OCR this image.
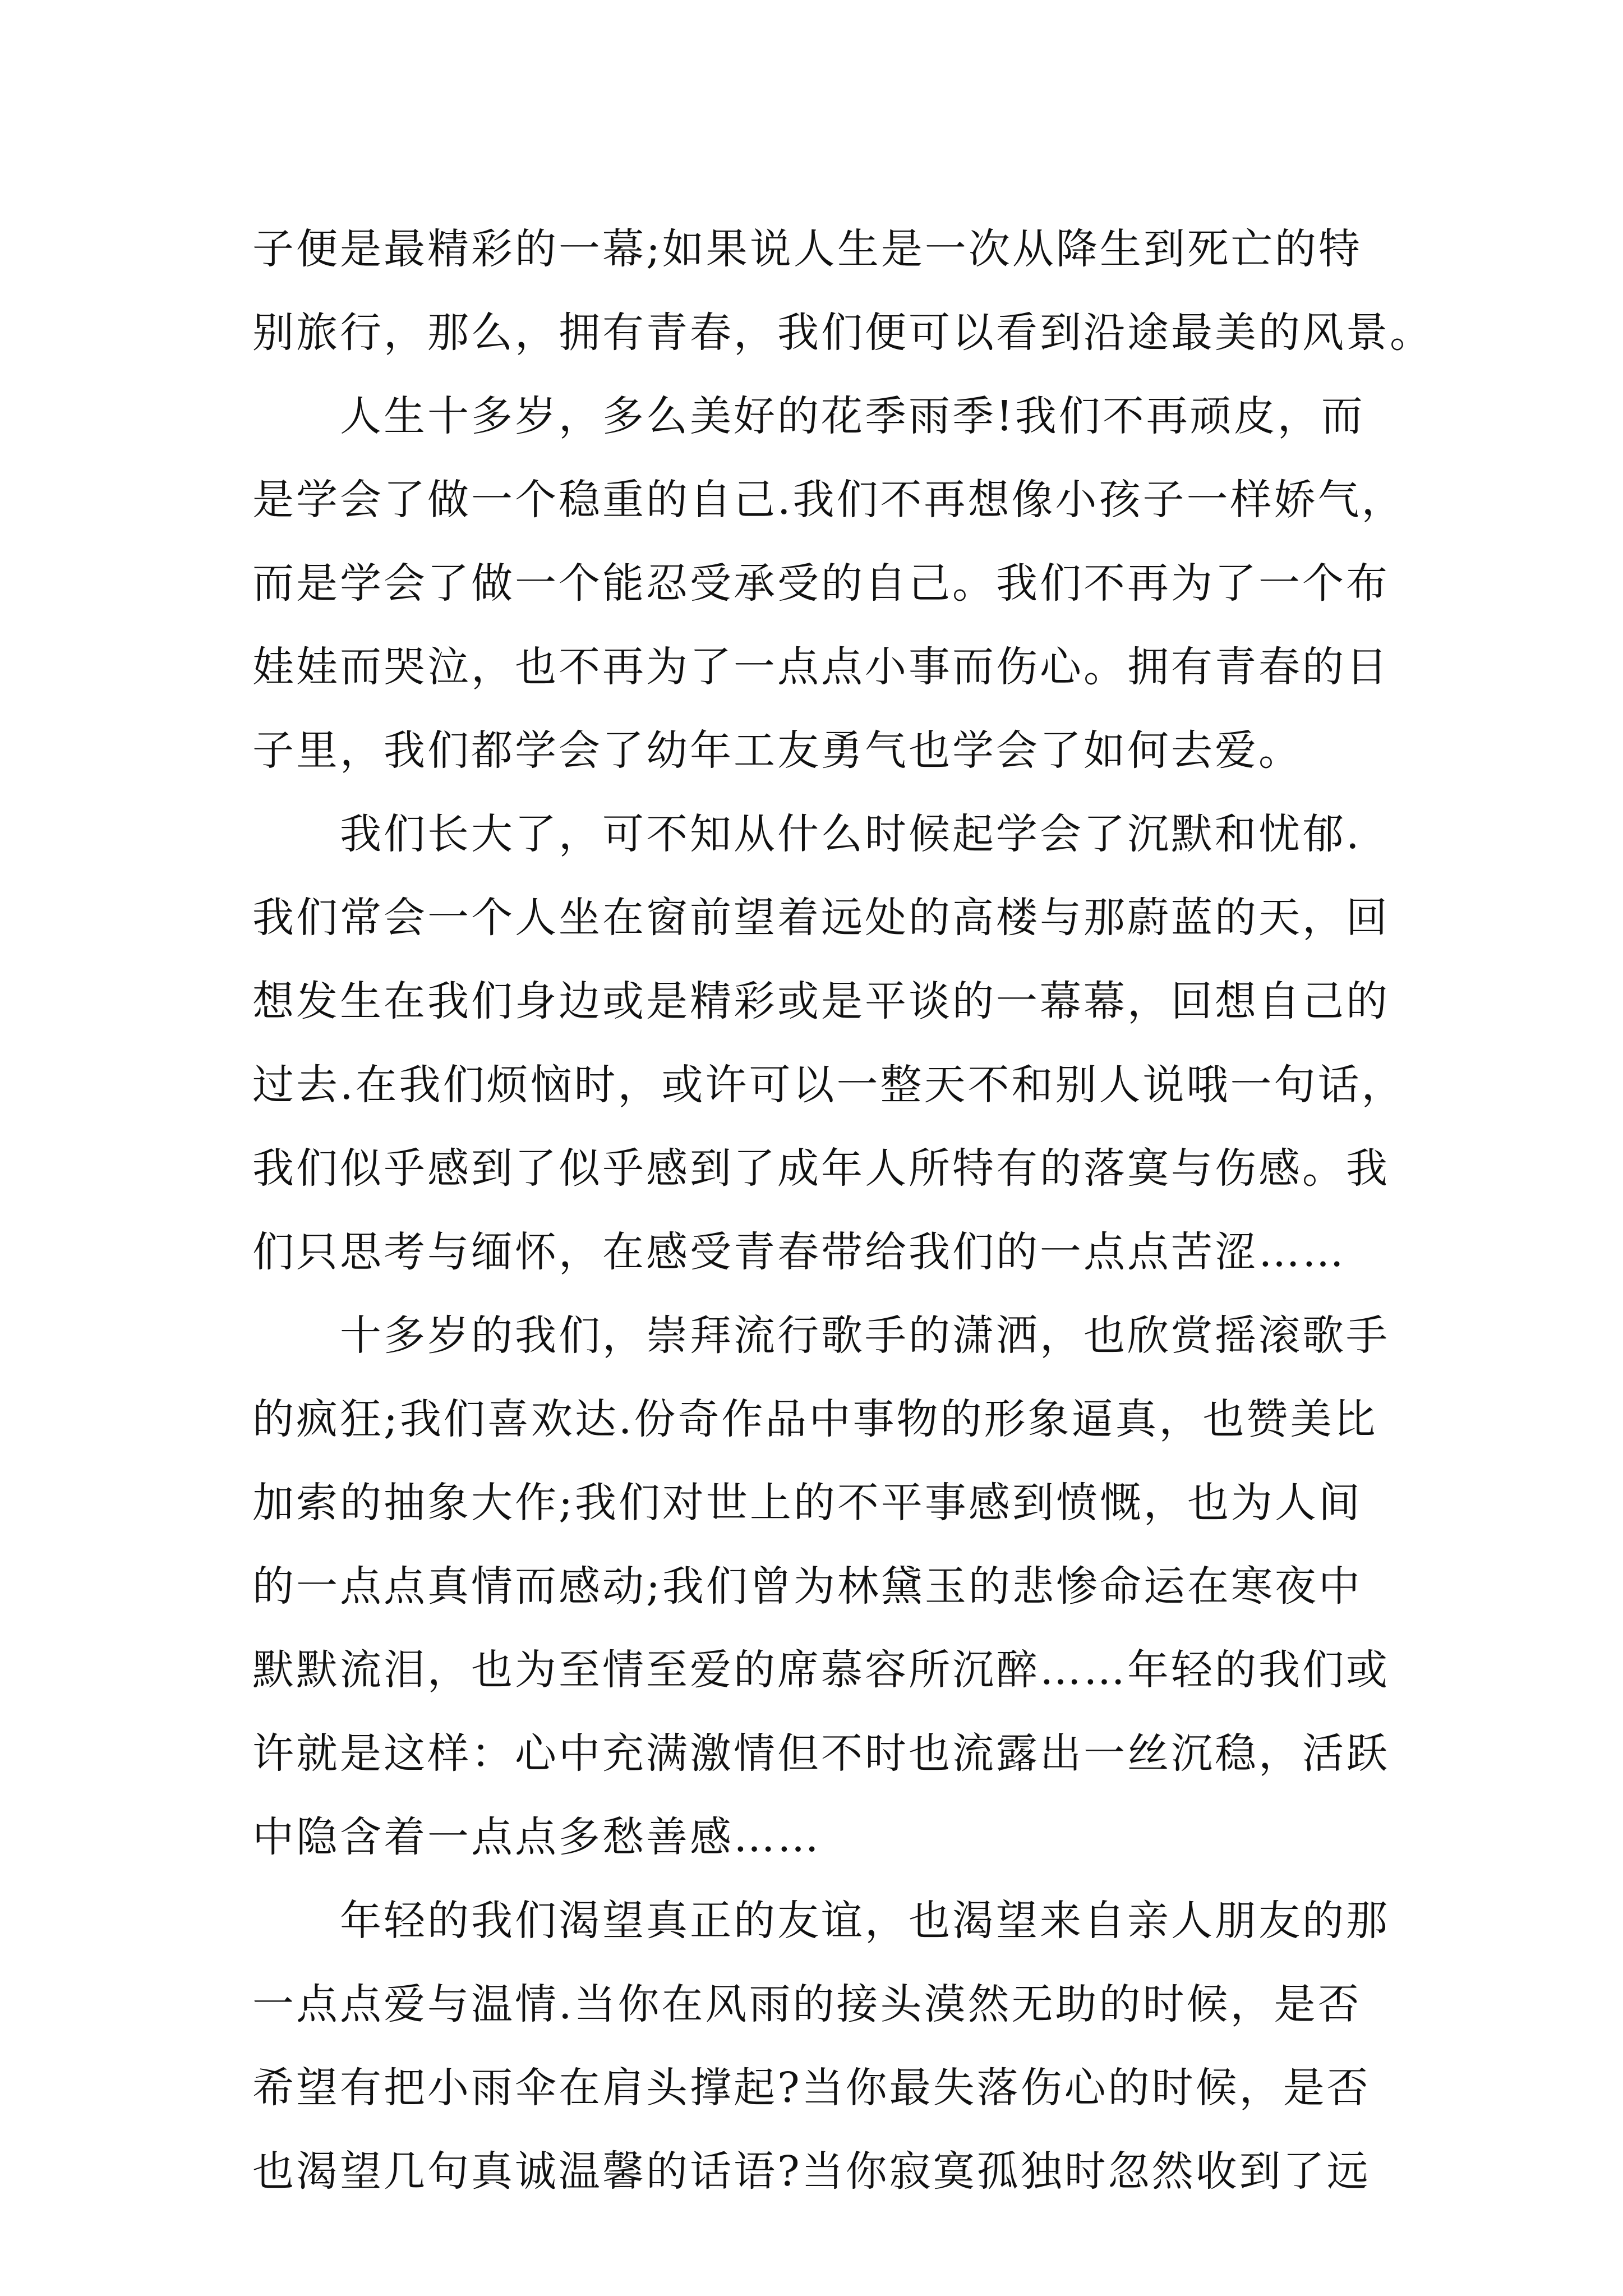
子便是最精彩的一幕;如果说人生是一次从降生到死亡的特
别旅行，那么，拥有青春，我们便可以看到沿途最美的风景。
人生十多岁，多么美好的花季雨季!我们不再顽皮，而
是学会了做一个稳重的自己.我们不再想像小孩子一样娇气，
而是学会了做一个能忍受承受的自己。我们不再为了一个布
娃娃而哭泣，也不再为了一点点小事而伤心。拥有青春的日
子里，我们都学会了幼年工友勇气也学会了如何去爱。
我们长大了，可不知从什么时候起学会了沉默和忧郁.
我们常会一个人坐在窗前望着远处的高楼与那蔚蓝的天，回
想发生在我们身边或是精彩或是平谈的一幕幕，回想自己的
过去.在我们烦恼时，或许可以一整天不和别人说哦一句话，
我们似乎感到了似乎感到了成年人所特有的落寞与伤感。我
们只思考与缅怀，在感受青春带给我们的一点点苦涩……
十多岁的我们，崇拜流行歌手的潇洒，也欣赏摇滚歌手
的疯狂;我们喜欢达.份奇作品中事物的形象逼真，也赞美比
加索的抽象大作;我们对世上的不平事感到愤慨，也为人间
的一点点真情而感动;我们曾为林黛玉的悲惨命运在寒夜中
默默流泪，也为至情至爱的席慕容所沉醉……年轻的我们或
许就是这样：心中充满激情但不时也流露出一丝沉稳，活跃
中隐含着一点点多愁善感……
年轻的我们渴望真正的友谊，也渴望来自亲人朋友的那
一点点爱与温情.当你在风雨的接头漠然无助的时候，是否
希望有把小雨伞在肩头撑起?当你最失落伤心的时候，是否
也渴望几句真诚温馨的话语?当你寂寞孤独时忽然收到了远
